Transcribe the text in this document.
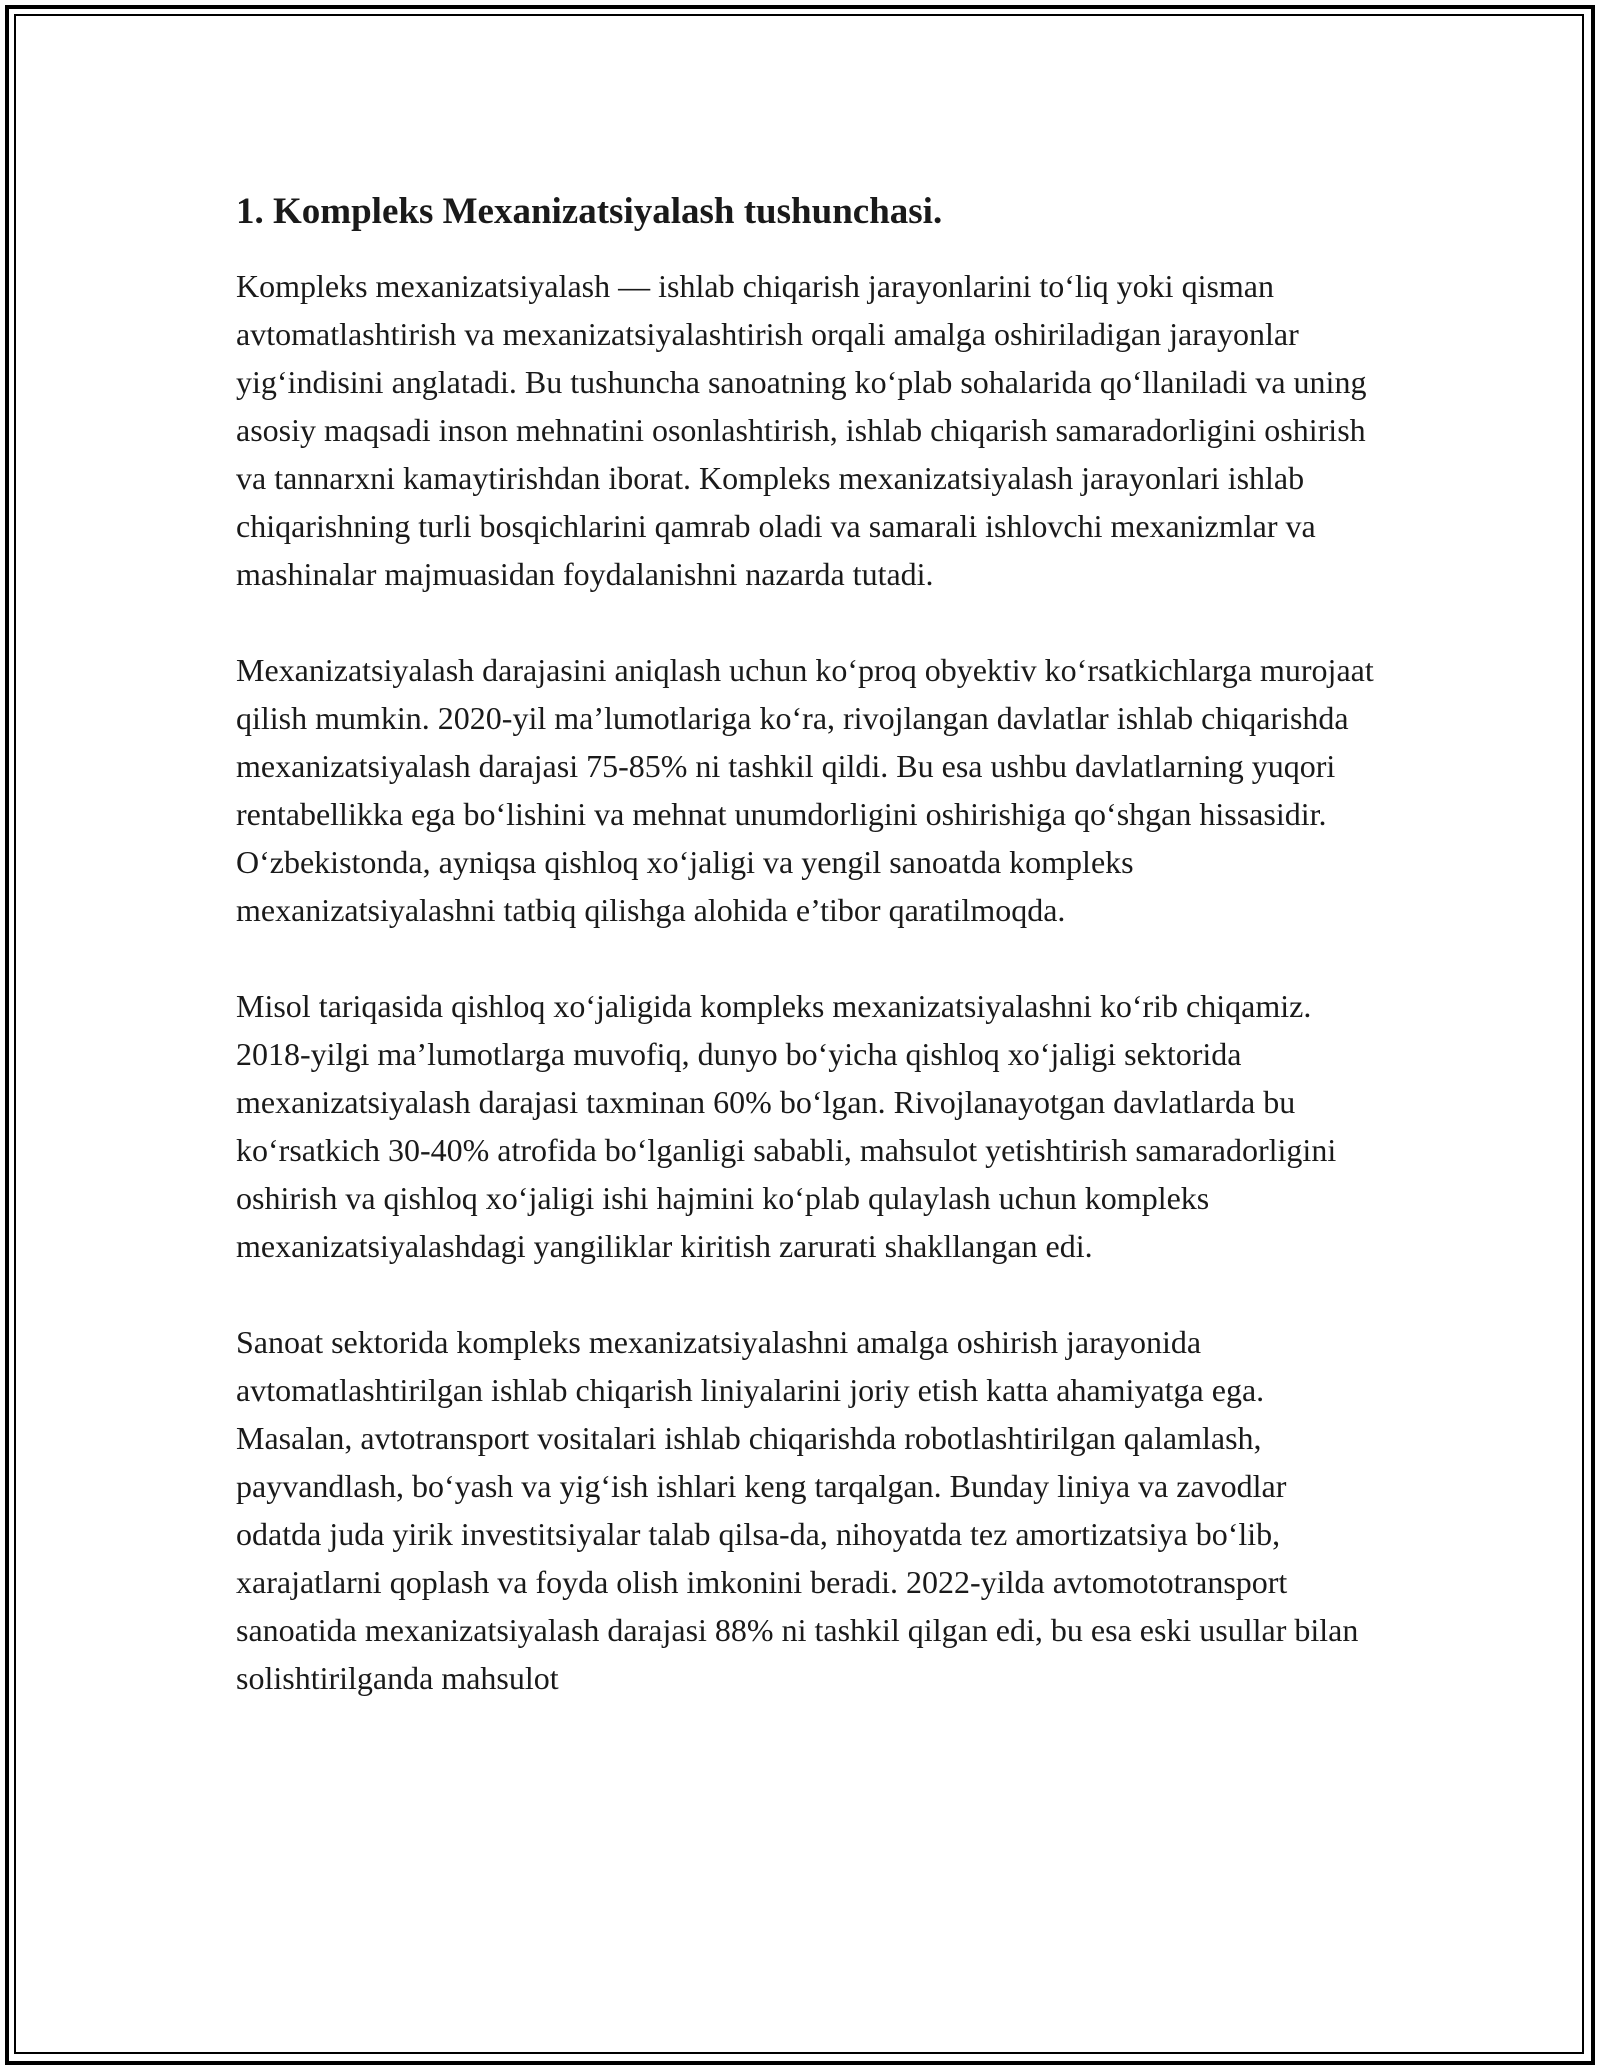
1. Kompleks Mexanizatsiyalash tushunchasi.

Kompleks mexanizatsiyalash — ishlab chiqarish jarayonlarini to‘liq yoki qisman avtomatlashtirish va mexanizatsiyalashtirish orqali amalga oshiriladigan jarayonlar yig‘indisini anglatadi. Bu tushuncha sanoatning ko‘plab sohalarida qo‘llaniladi va uning asosiy maqsadi inson mehnatini osonlashtirish, ishlab chiqarish samaradorligini oshirish va tannarxni kamaytirishdan iborat. Kompleks mexanizatsiyalash jarayonlari ishlab chiqarishning turli bosqichlarini qamrab oladi va samarali ishlovchi mexanizmlar va mashinalar majmuasidan foydalanishni nazarda tutadi.

Mexanizatsiyalash darajasini aniqlash uchun ko‘proq obyektiv ko‘rsatkichlarga murojaat qilish mumkin. 2020-yil ma’lumotlariga ko‘ra, rivojlangan davlatlar ishlab chiqarishda mexanizatsiyalash darajasi 75-85% ni tashkil qildi. Bu esa ushbu davlatlarning yuqori rentabellikka ega bo‘lishini va mehnat unumdorligini oshirishiga qo‘shgan hissasidir. O‘zbekistonda, ayniqsa qishloq xo‘jaligi va yengil sanoatda kompleks mexanizatsiyalashni tatbiq qilishga alohida e’tibor qaratilmoqda.

Misol tariqasida qishloq xo‘jaligida kompleks mexanizatsiyalashni ko‘rib chiqamiz. 2018-yilgi ma’lumotlarga muvofiq, dunyo bo‘yicha qishloq xo‘jaligi sektorida mexanizatsiyalash darajasi taxminan 60% bo‘lgan. Rivojlanayotgan davlatlarda bu ko‘rsatkich 30-40% atrofida bo‘lganligi sababli, mahsulot yetishtirish samaradorligini oshirish va qishloq xo‘jaligi ishi hajmini ko‘plab qulaylash uchun kompleks mexanizatsiyalashdagi yangiliklar kiritish zarurati shakllangan edi.

Sanoat sektorida kompleks mexanizatsiyalashni amalga oshirish jarayonida avtomatlashtirilgan ishlab chiqarish liniyalarini joriy etish katta ahamiyatga ega. Masalan, avtotransport vositalari ishlab chiqarishda robotlashtirilgan qalamlash, payvandlash, bo‘yash va yig‘ish ishlari keng tarqalgan. Bunday liniya va zavodlar odatda juda yirik investitsiyalar talab qilsa-da, nihoyatda tez amortizatsiya bo‘lib, xarajatlarni qoplash va foyda olish imkonini beradi. 2022-yilda avtomototransport sanoatida mexanizatsiyalash darajasi 88% ni tashkil qilgan edi, bu esa eski usullar bilan solishtirilganda mahsulot
